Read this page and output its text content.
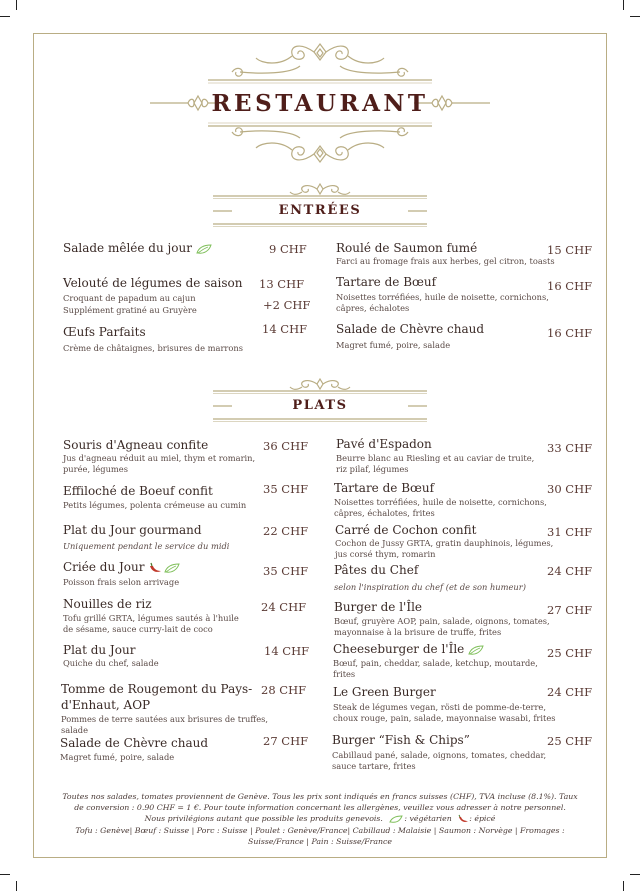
RESTAURANT
ENTRÉES
PLATS
Salade mêlée du jour	9 CHF
Velouté de légumes de saison
Croquant de papadum au cajun
Supplément gratiné au Gruyère
13 CHF
+2 CHF
Œufs Parfaits
Crème de châtaignes, brisures de marrons
14 CHF
Roulé de Saumon fumé
Farci au fromage frais aux herbes, gel citron, toasts
15 CHF
Tartare de Bœuf
Noisettes torréfiées, huile de noisette, cornichons,
câpres, échalotes
16 CHF
Salade de Chèvre chaud
Magret fumé, poire, salade
16 CHF
Souris d'Agneau confite
Jus d'agneau réduit au miel, thym et romarin,
purée, légumes
36 CHF
Effiloché de Boeuf confit
Petits légumes, polenta crémeuse au cumin
35 CHF
Plat du Jour gourmand
Uniquement pendant le service du midi
22 CHF
Criée du Jour
Poisson frais selon arrivage
35 CHF
Nouilles de riz
Tofu grillé GRTA, légumes sautés à l'huile
de sésame, sauce curry-lait de coco
24 CHF
Plat du Jour
Quiche du chef, salade
14 CHF
Tomme de Rougemont du Pays-
d'Enhaut, AOP
Pommes de terre sautées aux brisures de truffes,
salade
28 CHF
Salade de Chèvre chaud
Magret fumé, poire, salade
27 CHF
Pavé d'Espadon
Beurre blanc au Riesling et au caviar de truite,
riz pilaf, légumes
33 CHF
Tartare de Bœuf
Noisettes torréfiées, huile de noisette, cornichons,
câpres, échalotes, frites
30 CHF
Carré de Cochon confit
Cochon de Jussy GRTA, gratin dauphinois, légumes,
jus corsé thym, romarin
31 CHF
Pâtes du Chef
selon l'inspiration du chef (et de son humeur)
24 CHF
Burger de l'Île
Bœuf, gruyère AOP, pain, salade, oignons, tomates,
mayonnaise à la brisure de truffe, frites
27 CHF
Cheeseburger de l'Île
Bœuf, pain, cheddar, salade, ketchup, moutarde,
frites
25 CHF
Le Green Burger
Steak de légumes vegan, rösti de pomme-de-terre,
choux rouge, pain, salade, mayonnaise wasabi, frites
24 CHF
Burger “Fish & Chips”
Cabillaud pané, salade, oignons, tomates, cheddar,
sauce tartare, frites
25 CHF
Toutes nos salades, tomates proviennent de Genève. Tous les prix sont indiqués en francs suisses (CHF), TVA incluse (8.1%). Taux
de conversion : 0.90 CHF = 1 €. Pour toute information concernant les allergènes, veuillez vous adresser à notre personnel.
Nous privilégions autant que possible les produits genevois.	: végétarien : épicé
Tofu : Genève| Bœuf : Suisse | Porc : Suisse | Poulet : Genève/France| Cabillaud : Malaisie | Saumon : Norvège | Fromages :
Suisse/France | Pain : Suisse/France
